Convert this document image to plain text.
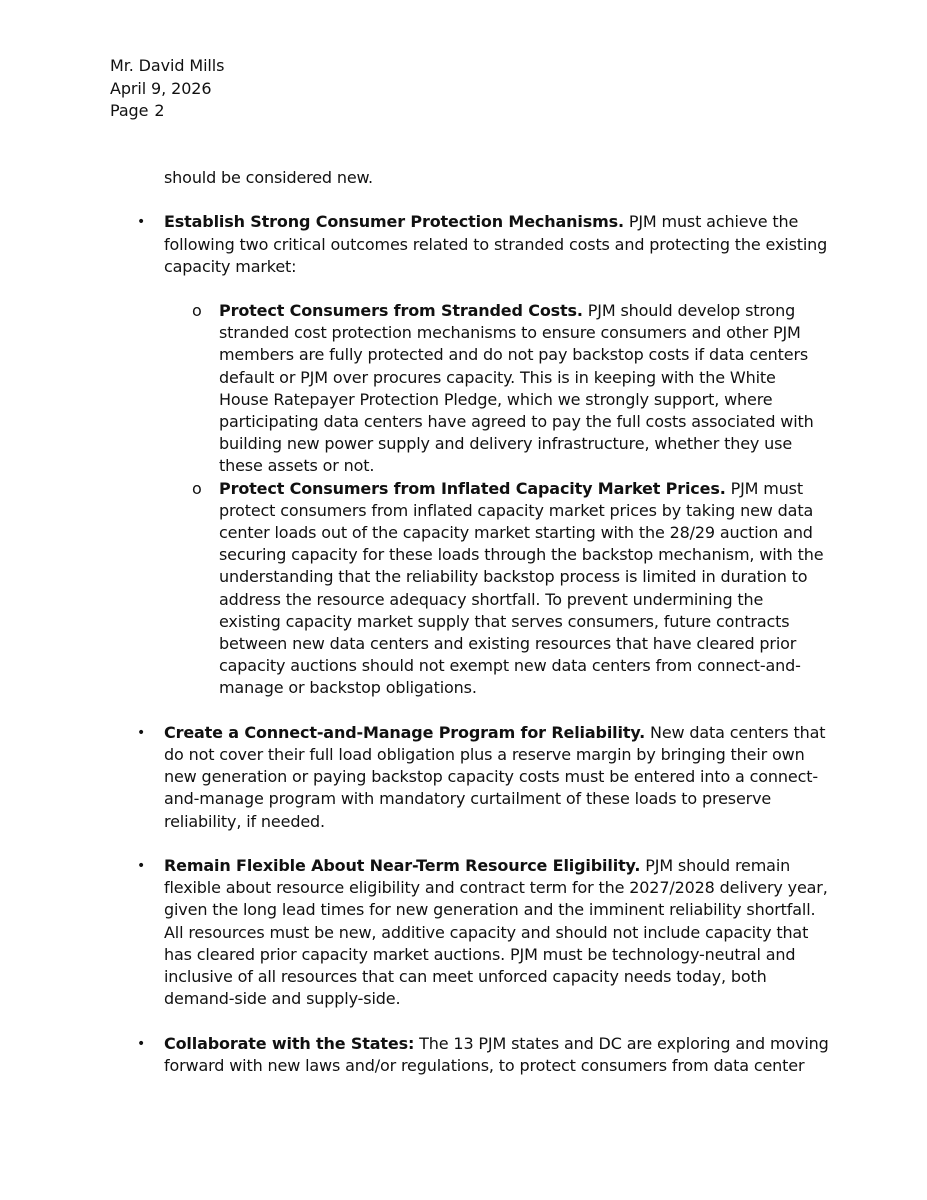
Mr. David Mills
April 9, 2026
Page 2

should be considered new.

• Establish Strong Consumer Protection Mechanisms. PJM must achieve the following two critical outcomes related to stranded costs and protecting the existing capacity market:
o Protect Consumers from Stranded Costs. PJM should develop strong stranded cost protection mechanisms to ensure consumers and other PJM members are fully protected and do not pay backstop costs if data centers default or PJM over procures capacity. This is in keeping with the White House Ratepayer Protection Pledge, which we strongly support, where participating data centers have agreed to pay the full costs associated with building new power supply and delivery infrastructure, whether they use these assets or not.
o Protect Consumers from Inflated Capacity Market Prices. PJM must protect consumers from inflated capacity market prices by taking new data center loads out of the capacity market starting with the 28/29 auction and securing capacity for these loads through the backstop mechanism, with the understanding that the reliability backstop process is limited in duration to address the resource adequacy shortfall. To prevent undermining the existing capacity market supply that serves consumers, future contracts between new data centers and existing resources that have cleared prior capacity auctions should not exempt new data centers from connect-and-manage or backstop obligations.
• Create a Connect-and-Manage Program for Reliability. New data centers that do not cover their full load obligation plus a reserve margin by bringing their own new generation or paying backstop capacity costs must be entered into a connect-and-manage program with mandatory curtailment of these loads to preserve reliability, if needed.
• Remain Flexible About Near-Term Resource Eligibility. PJM should remain flexible about resource eligibility and contract term for the 2027/2028 delivery year, given the long lead times for new generation and the imminent reliability shortfall. All resources must be new, additive capacity and should not include capacity that has cleared prior capacity market auctions. PJM must be technology-neutral and inclusive of all resources that can meet unforced capacity needs today, both demand-side and supply-side.
• Collaborate with the States: The 13 PJM states and DC are exploring and moving forward with new laws and/or regulations, to protect consumers from data center
